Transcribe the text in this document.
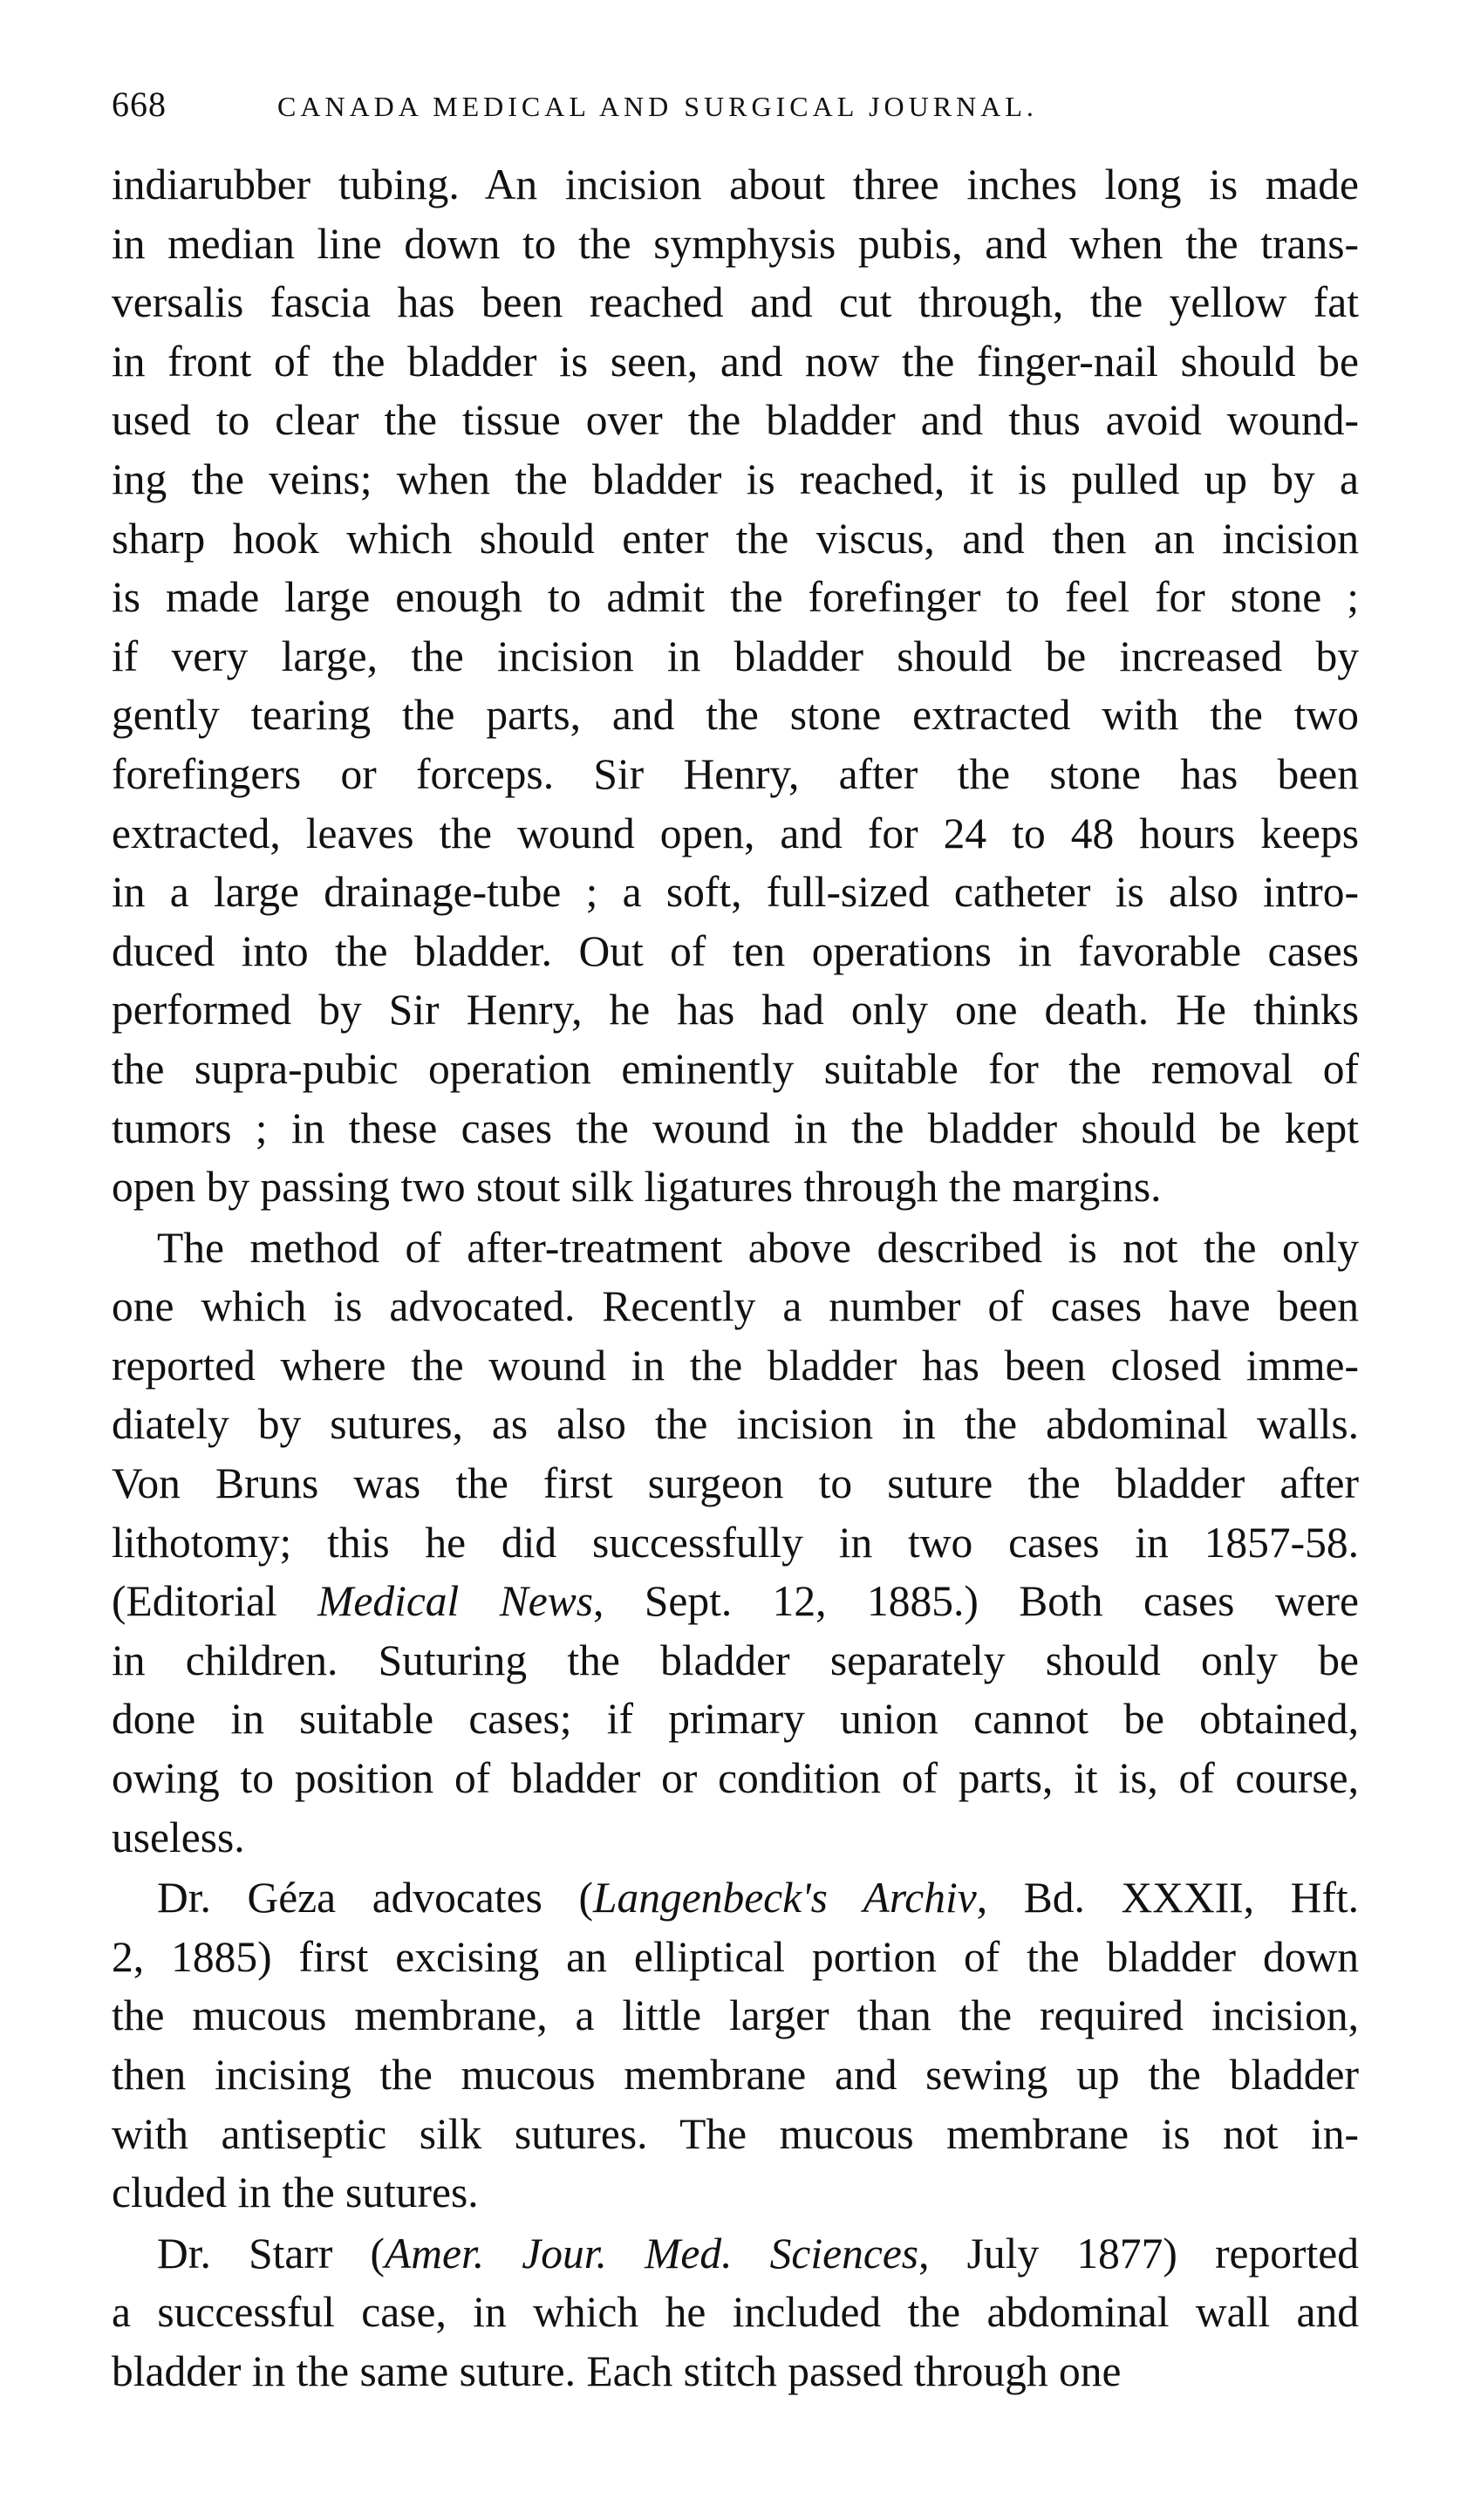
668	CANADA MEDICAL AND SURGICAL JOURNAL.
indiarubber tubing. An incision about three inches long is made
in median line down to the symphysis pubis, and when the trans-
versalis fascia has been reached and cut through, the yellow fat
in front of the bladder is seen, and now the finger-nail should be
used to clear the tissue over the bladder and thus avoid wound-
ing the veins; when the bladder is reached, it is pulled up by a
sharp hook which should enter the viscus, and then an incision
is made large enough to admit the forefinger to feel for stone ;
if very large, the incision in bladder should be increased by
gently tearing the parts, and the stone extracted with the two
forefingers or forceps. Sir Henry, after the stone has been
extracted, leaves the wound open, and for 24 to 48 hours keeps
in a large drainage-tube ; a soft, full-sized catheter is also intro-
duced into the bladder. Out of ten operations in favorable cases
performed by Sir Henry, he has had only one death. He thinks
the supra-pubic operation eminently suitable for the removal of
tumors ; in these cases the wound in the bladder should be kept
open by passing two stout silk ligatures through the margins.
The method of after-treatment above described is not the only
one which is advocated. Recently a number of cases have been
reported where the wound in the bladder has been closed imme-
diately by sutures, as also the incision in the abdominal walls.
Von Bruns was the first surgeon to suture the bladder after
lithotomy; this he did successfully in two cases in 1857-58.
(Editorial Medical News, Sept. 12, 1885.) Both cases were
in children. Suturing the bladder separately should only be
done in suitable cases; if primary union cannot be obtained,
owing to position of bladder or condition of parts, it is, of course,
useless.
Dr. Géza advocates (Langenbeck's Archiv, Bd. XXXII, Hft.
2, 1885) first excising an elliptical portion of the bladder down
the mucous membrane, a little larger than the required incision,
then incising the mucous membrane and sewing up the bladder
with antiseptic silk sutures. The mucous membrane is not in-
cluded in the sutures.
Dr. Starr (Amer. Jour. Med. Sciences, July 1877) reported
a successful case, in which he included the abdominal wall and
bladder in the same suture. Each stitch passed through one
